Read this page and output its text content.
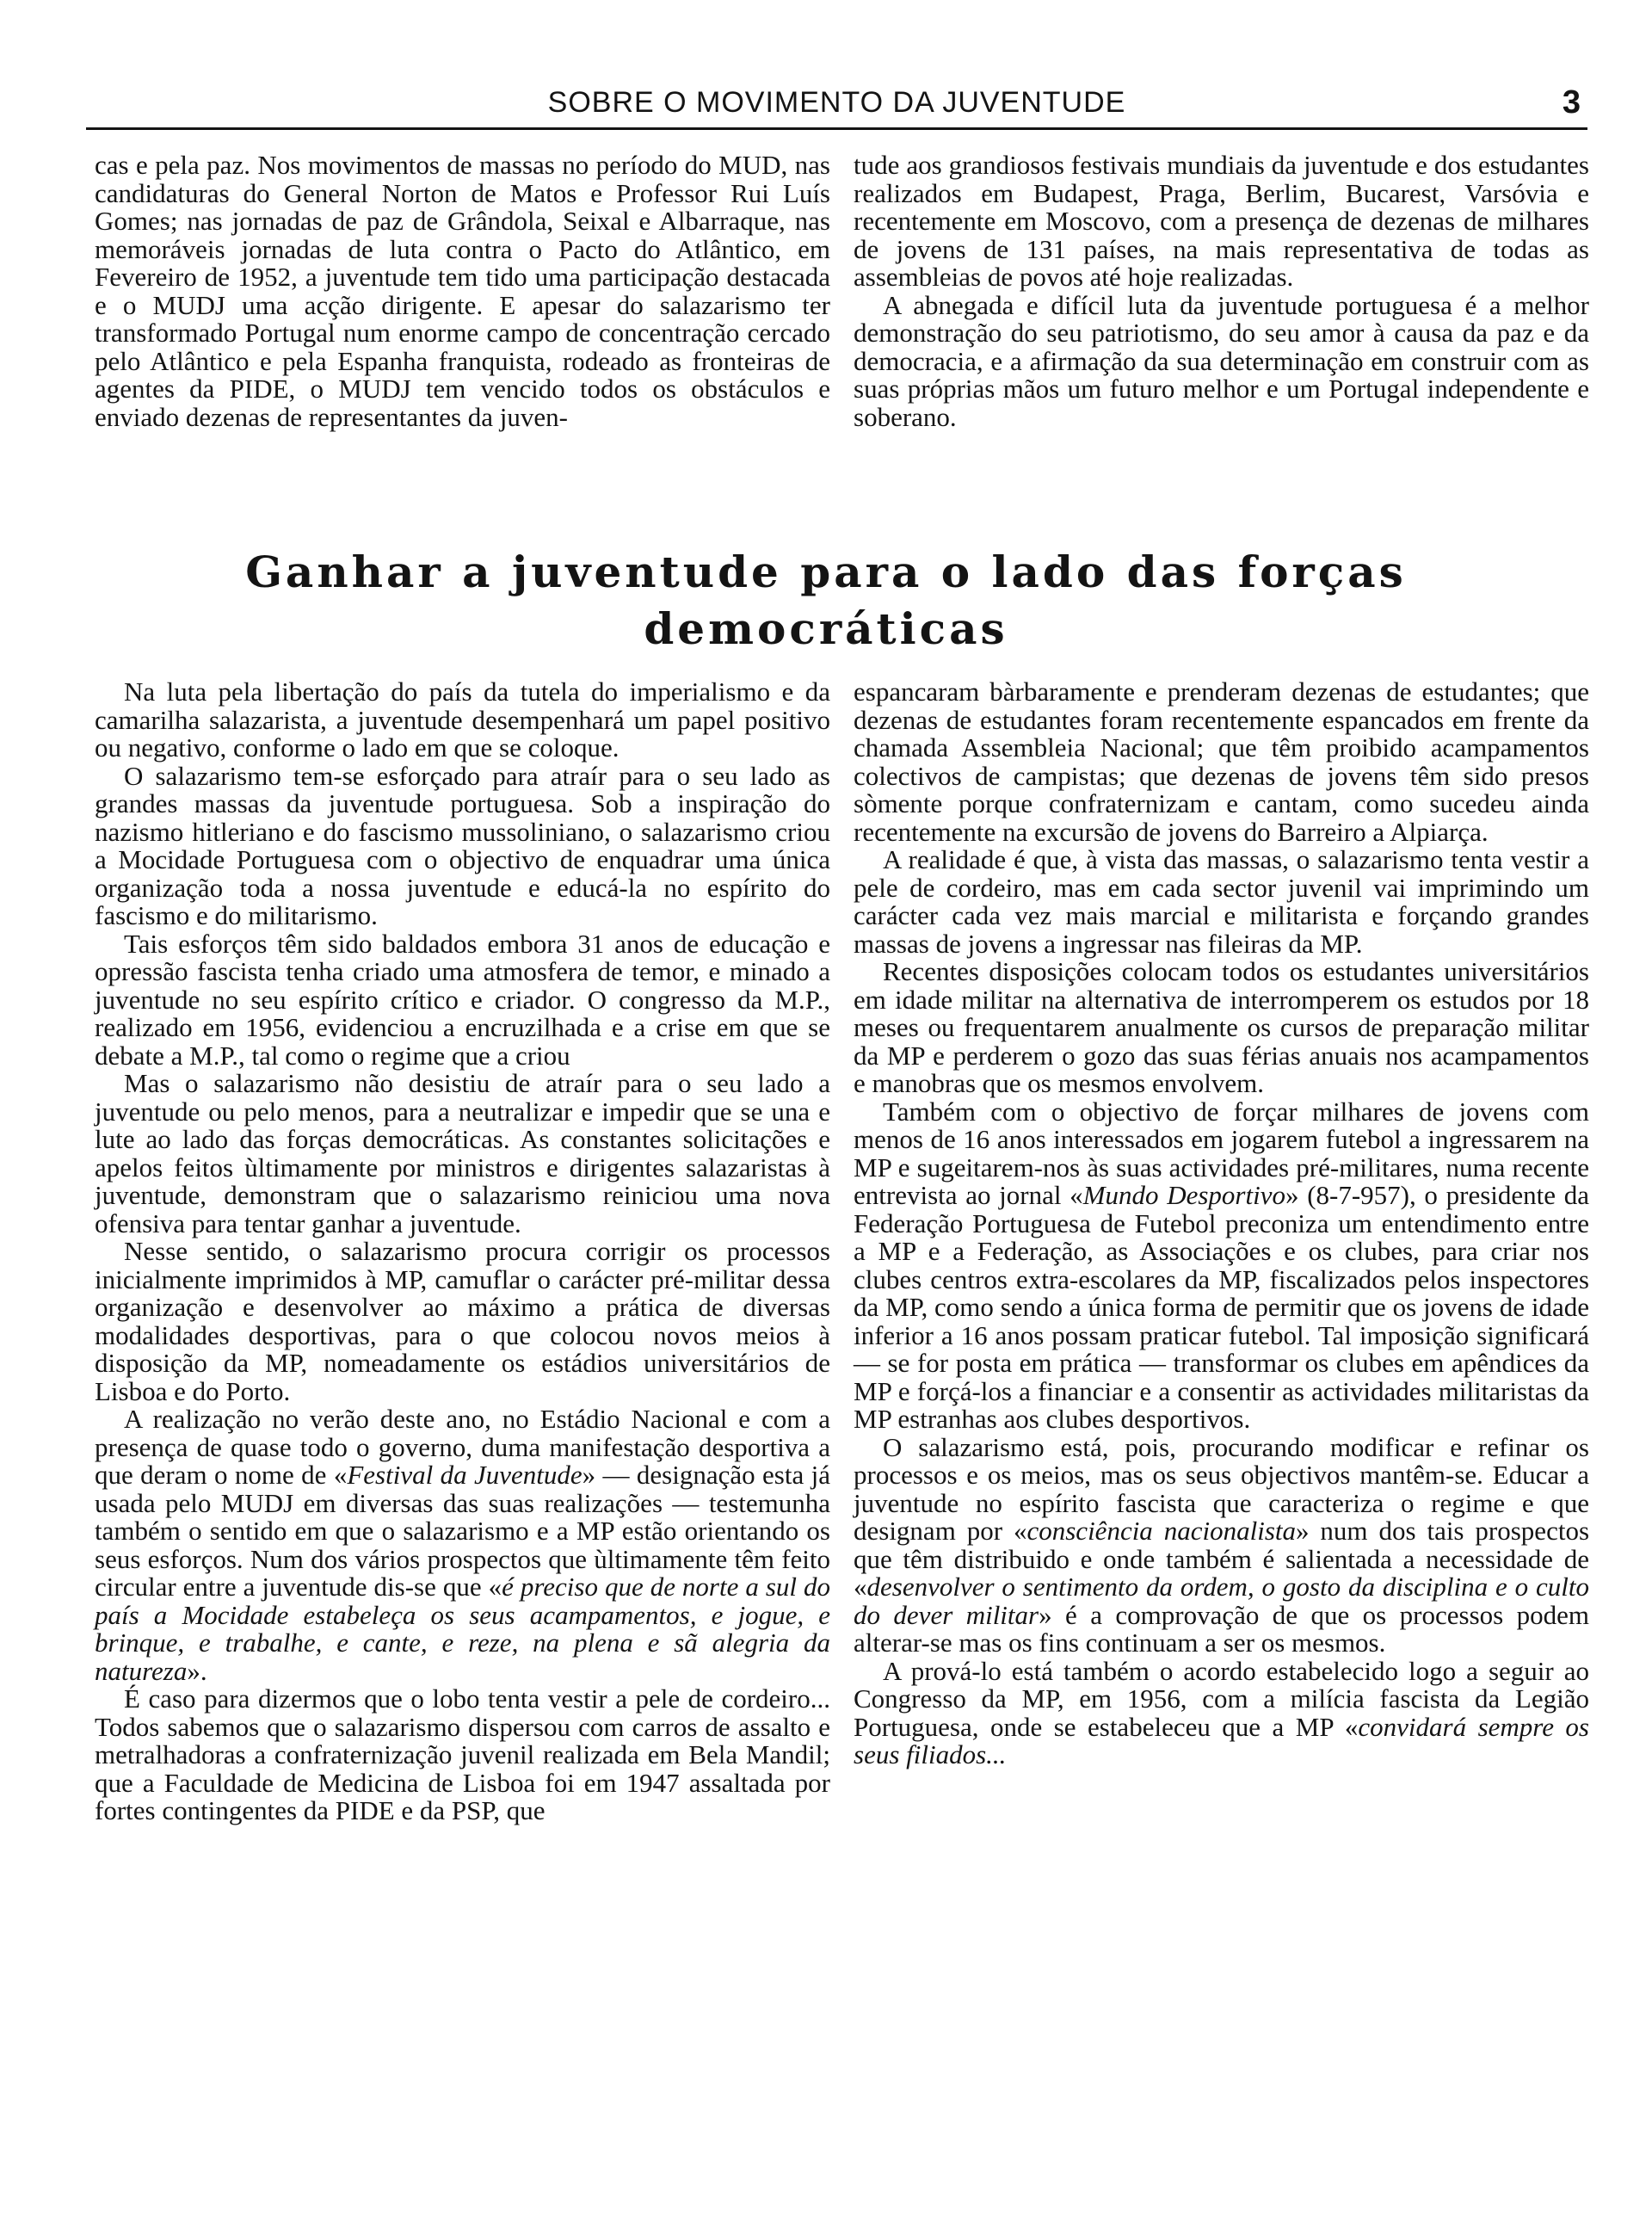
SOBRE O MOVIMENTO DA JUVENTUDE	3

cas e pela paz. Nos movimentos de massas no período do MUD, nas candidaturas do General Norton de Matos e Professor Rui Luís Gomes; nas jornadas de paz de Grândola, Seixal e Albarraque, nas memoráveis jornadas de luta contra o Pacto do Atlântico, em Fevereiro de 1952, a juventude tem tido uma participação destacada e o MUDJ uma acção dirigente. E apesar do salazarismo ter transformado Portugal num enorme campo de concentração cercado pelo Atlântico e pela Espanha franquista, rodeado as fronteiras de agentes da PIDE, o MUDJ tem vencido todos os obstáculos e enviado dezenas de representantes da juven-

tude aos grandiosos festivais mundiais da juventude e dos estudantes realizados em Budapest, Praga, Berlim, Bucarest, Varsóvia e recentemente em Moscovo, com a presença de dezenas de milhares de jovens de 131 países, na mais representativa de todas as assembleias de povos até hoje realizadas.

A abnegada e difícil luta da juventude portuguesa é a melhor demonstração do seu patriotismo, do seu amor à causa da paz e da democracia, e a afirmação da sua determinação em construir com as suas próprias mãos um futuro melhor e um Portugal independente e soberano.

Ganhar a juventude para o lado das forças
democráticas

Na luta pela libertação do país da tutela do imperialismo e da camarilha salazarista, a juventude desempenhará um papel positivo ou negativo, conforme o lado em que se coloque.

O salazarismo tem-se esforçado para atraír para o seu lado as grandes massas da juventude portuguesa. Sob a inspiração do nazismo hitleriano e do fascismo mussoliniano, o salazarismo criou a Mocidade Portuguesa com o objectivo de enquadrar uma única organização toda a nossa juventude e educá-la no espírito do fascismo e do militarismo.

Tais esforços têm sido baldados embora 31 anos de educação e opressão fascista tenha criado uma atmosfera de temor, e minado a juventude no seu espírito crítico e criador. O congresso da M.P., realizado em 1956, evidenciou a encruzilhada e a crise em que se debate a M.P., tal como o regime que a criou

Mas o salazarismo não desistiu de atraír para o seu lado a juventude ou pelo menos, para a neutralizar e impedir que se una e lute ao lado das forças democráticas. As constantes solicitações e apelos feitos ùltimamente por ministros e dirigentes salazaristas à juventude, demonstram que o salazarismo reiniciou uma nova ofensiva para tentar ganhar a juventude.

Nesse sentido, o salazarismo procura corrigir os processos inicialmente imprimidos à MP, camuflar o carácter pré-militar dessa organização e desenvolver ao máximo a prática de diversas modalidades desportivas, para o que colocou novos meios à disposição da MP, nomeadamente os estádios universitários de Lisboa e do Porto.

A realização no verão deste ano, no Estádio Nacional e com a presença de quase todo o governo, duma manifestação desportiva a que deram o nome de «Festival da Juventude» — designação esta já usada pelo MUDJ em diversas das suas realizações — testemunha também o sentido em que o salazarismo e a MP estão orientando os seus esforços. Num dos vários prospectos que ùltimamente têm feito circular entre a juventude dis-se que «é preciso que de norte a sul do país a Mocidade estabeleça os seus acampamentos, e jogue, e brinque, e trabalhe, e cante, e reze, na plena e sã alegria da natureza».

É caso para dizermos que o lobo tenta vestir a pele de cordeiro... Todos sabemos que o salazarismo dispersou com carros de assalto e metralhadoras a confraternização juvenil realizada em Bela Mandil; que a Faculdade de Medicina de Lisboa foi em 1947 assaltada por fortes contingentes da PIDE e da PSP, que

espancaram bàrbaramente e prenderam dezenas de estudantes; que dezenas de estudantes foram recentemente espancados em frente da chamada Assembleia Nacional; que têm proibido acampamentos colectivos de campistas; que dezenas de jovens têm sido presos sòmente porque confraternizam e cantam, como sucedeu ainda recentemente na excursão de jovens do Barreiro a Alpiarça.

A realidade é que, à vista das massas, o salazarismo tenta vestir a pele de cordeiro, mas em cada sector juvenil vai imprimindo um carácter cada vez mais marcial e militarista e forçando grandes massas de jovens a ingressar nas fileiras da MP.

Recentes disposições colocam todos os estudantes universitários em idade militar na alternativa de interromperem os estudos por 18 meses ou frequentarem anualmente os cursos de preparação militar da MP e perderem o gozo das suas férias anuais nos acampamentos e manobras que os mesmos envolvem.

Também com o objectivo de forçar milhares de jovens com menos de 16 anos interessados em jogarem futebol a ingressarem na MP e sugeitarem-nos às suas actividades pré-militares, numa recente entrevista ao jornal «Mundo Desportivo» (8-7-957), o presidente da Federação Portuguesa de Futebol preconiza um entendimento entre a MP e a Federação, as Associações e os clubes, para criar nos clubes centros extra-escolares da MP, fiscalizados pelos inspectores da MP, como sendo a única forma de permitir que os jovens de idade inferior a 16 anos possam praticar futebol. Tal imposição significará — se for posta em prática — transformar os clubes em apêndices da MP e forçá-los a financiar e a consentir as actividades militaristas da MP estranhas aos clubes desportivos.

O salazarismo está, pois, procurando modificar e refinar os processos e os meios, mas os seus objectivos mantêm-se. Educar a juventude no espírito fascista que caracteriza o regime e que designam por «consciência nacionalista» num dos tais prospectos que têm distribuido e onde também é salientada a necessidade de «desenvolver o sentimento da ordem, o gosto da disciplina e o culto do dever militar» é a comprovação de que os processos podem alterar-se mas os fins continuam a ser os mesmos.

A prová-lo está também o acordo estabelecido logo a seguir ao Congresso da MP, em 1956, com a milícia fascista da Legião Portuguesa, onde se estabeleceu que a MP «convidará sempre os seus filiados...
